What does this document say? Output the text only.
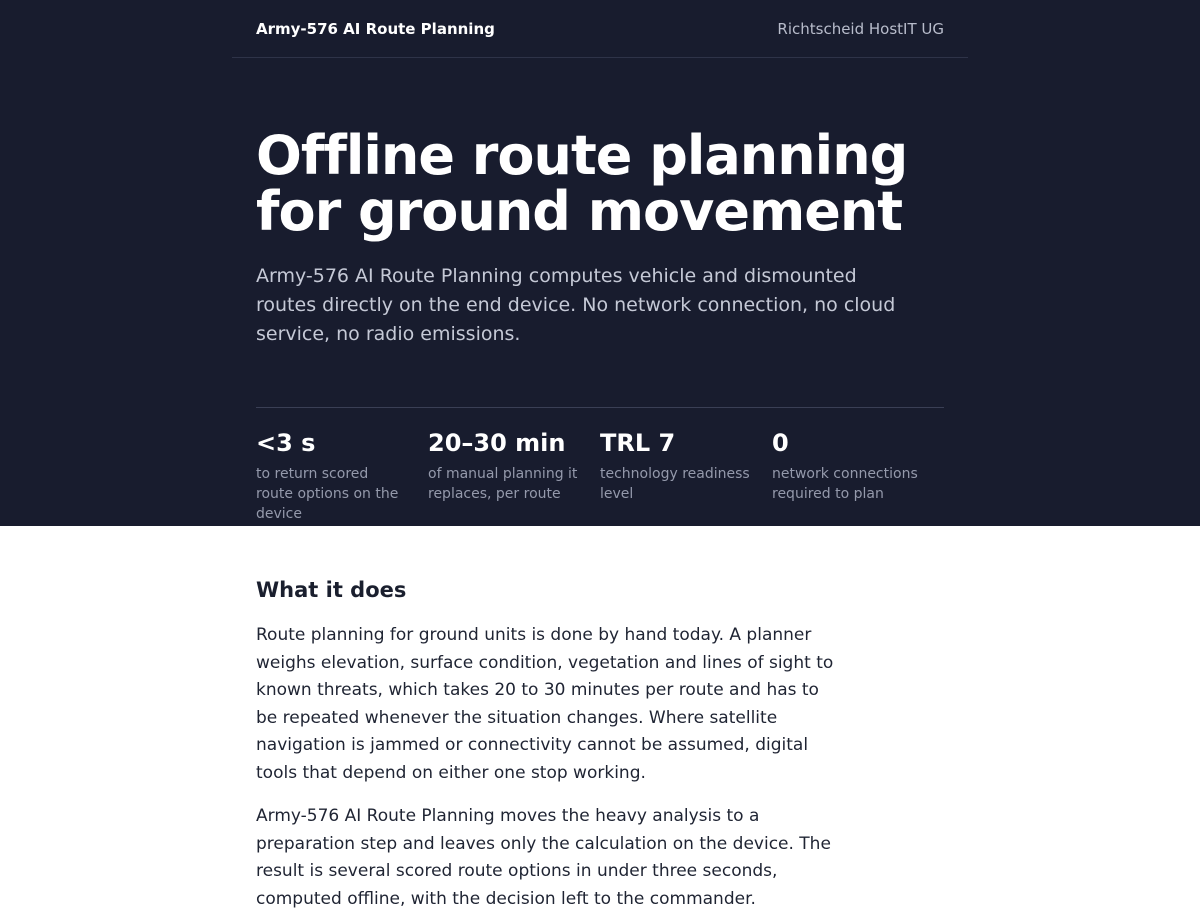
Army-576 AI Route Planning	Richtscheid HostIT UG
Offline route planning
for ground movement

Army-576 AI Route Planning computes vehicle and dismounted routes directly on the end device. No network connection, no cloud service, no radio emissions.

<3 s
to return scored route options on the device
20–30 min
of manual planning it replaces, per route
TRL 7
technology readiness level
0
network connections required to plan
What it does

Route planning for ground units is done by hand today. A planner weighs elevation, surface condition, vegetation and lines of sight to known threats, which takes 20 to 30 minutes per route and has to be repeated whenever the situation changes. Where satellite navigation is jammed or connectivity cannot be assumed, digital tools that depend on either one stop working.

Army-576 AI Route Planning moves the heavy analysis to a preparation step and leaves only the calculation on the device. The result is several scored route options in under three seconds, computed offline, with the decision left to the commander.
